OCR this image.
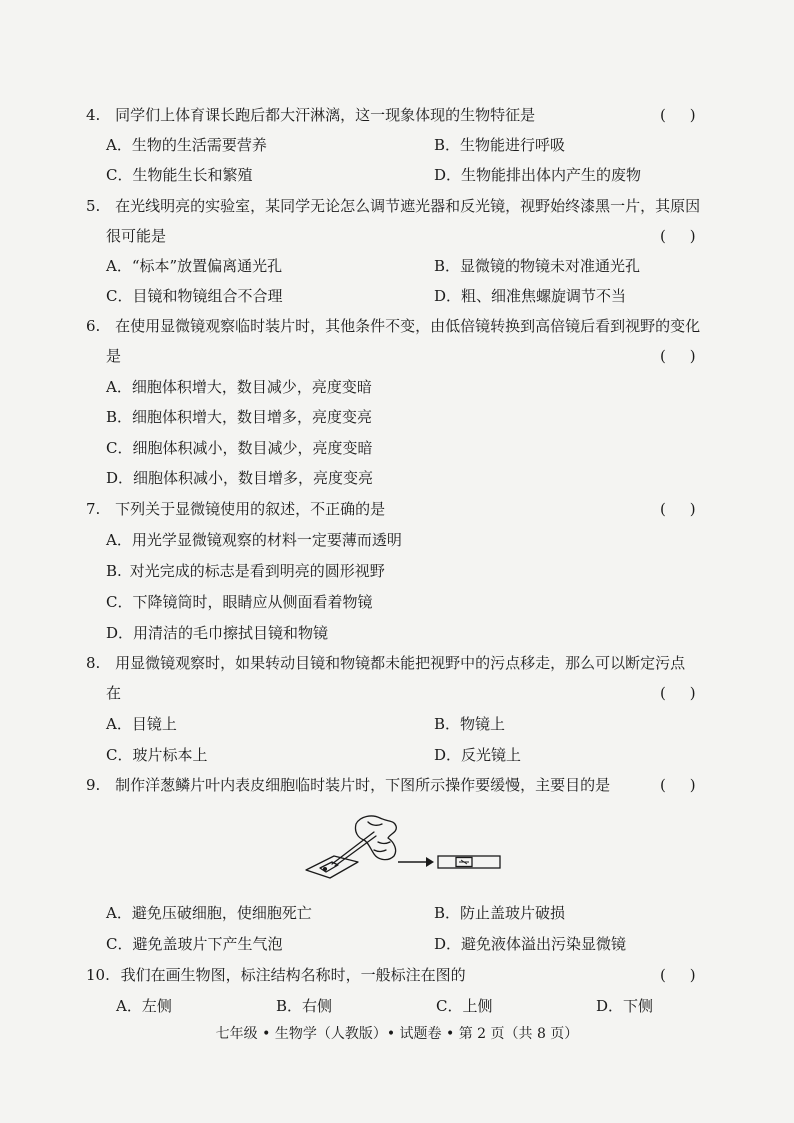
4. 同学们上体育课长跑后都大汗淋漓，这一现象体现的生物特征是	(     )
A．生物的生活需要营养	B．生物能进行呼吸
C．生物能生长和繁殖	D．生物能排出体内产生的废物
5. 在光线明亮的实验室，某同学无论怎么调节遮光器和反光镜，视野始终漆黑一片，其原因
很可能是	(     )
A．“标本”放置偏离通光孔	B．显微镜的物镜未对准通光孔
C．目镜和物镜组合不合理	D．粗、细准焦螺旋调节不当
6. 在使用显微镜观察临时装片时，其他条件不变，由低倍镜转换到高倍镜后看到视野的变化
是	(     )
A．细胞体积增大，数目减少，亮度变暗
B．细胞体积增大，数目增多，亮度变亮
C．细胞体积减小，数目减少，亮度变暗
D．细胞体积减小，数目增多，亮度变亮
7. 下列关于显微镜使用的叙述，不正确的是	(     )
A．用光学显微镜观察的材料一定要薄而透明
B. 对光完成的标志是看到明亮的圆形视野
C．下降镜筒时，眼睛应从侧面看着物镜
D．用清洁的毛巾擦拭目镜和物镜
8. 用显微镜观察时，如果转动目镜和物镜都未能把视野中的污点移走，那么可以断定污点
在	(     )
A．目镜上	B．物镜上
C．玻片标本上	D．反光镜上
9. 制作洋葱鳞片叶内表皮细胞临时装片时，下图所示操作要缓慢，主要目的是	(     )
A．避免压破细胞，使细胞死亡	B．防止盖玻片破损
C．避免盖玻片下产生气泡	D．避免液体溢出污染显微镜
10. 我们在画生物图，标注结构名称时，一般标注在图的	(     )
A．左侧	B．右侧	C．上侧	D．下侧
七年级 • 生物学（人教版）• 试题卷 • 第 2 页（共 8 页）
